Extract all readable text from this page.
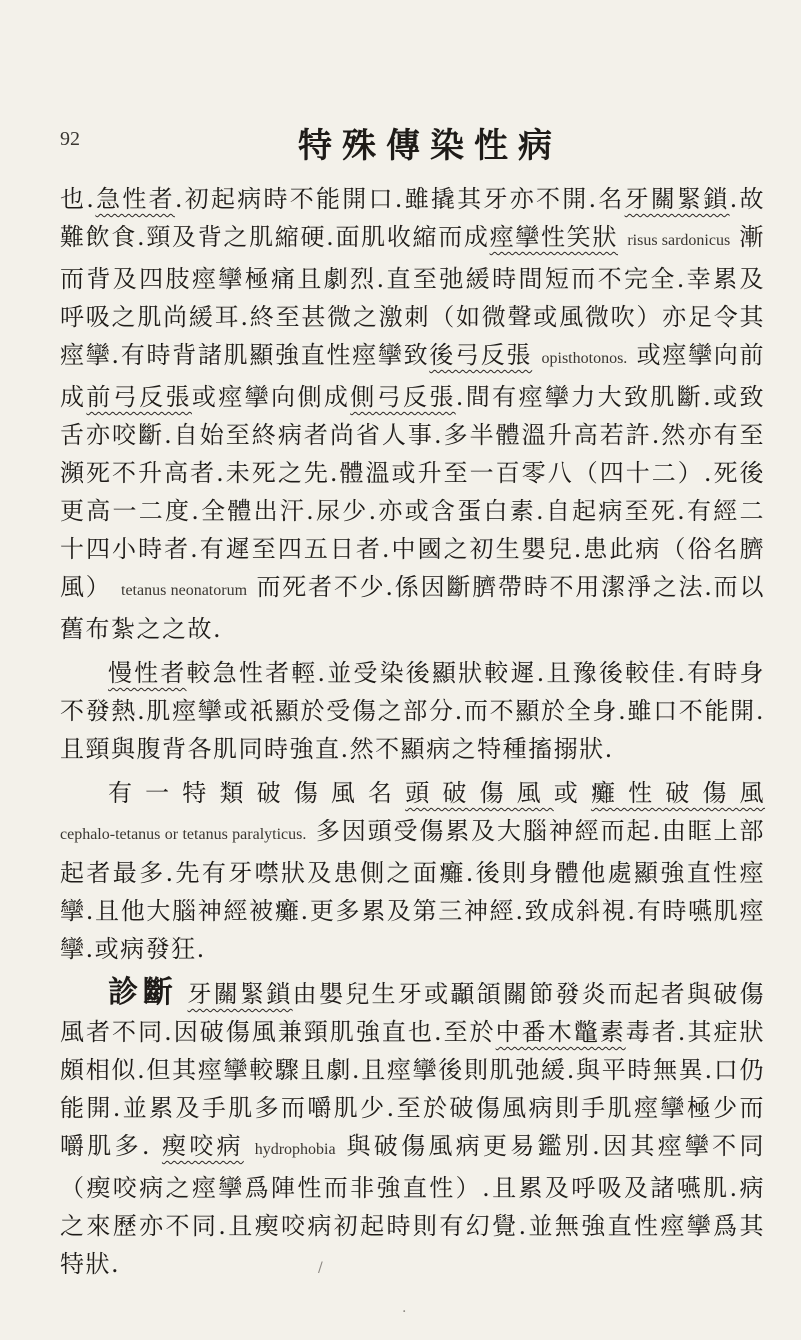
92	特殊傳染性病

也.急性者.初起病時不能開口.雖撬其牙亦不開.名牙關緊鎖.故難飲食.頸及背之肌縮硬.面肌收縮而成痙攣性笑狀 risus sardonicus 漸而背及四肢痙攣極痛且劇烈.直至弛緩時間短而不完全.幸累及呼吸之肌尚緩耳.終至甚微之激刺（如微聲或風微吹）亦足令其痙攣.有時背諸肌顯強直性痙攣致後弓反張 opisthotonos. 或痙攣向前成前弓反張或痙攣向側成側弓反張.間有痙攣力大致肌斷.或致舌亦咬斷.自始至終病者尚省人事.多半體溫升高若許.然亦有至瀕死不升高者.未死之先.體溫或升至一百零八（四十二）.死後更高一二度.全體出汗.尿少.亦或含蛋白素.自起病至死.有經二十四小時者.有遲至四五日者.中國之初生嬰兒.患此病（俗名臍風） tetanus neonatorum 而死者不少.係因斷臍帶時不用潔淨之法.而以舊布紮之之故.

慢性者較急性者輕.並受染後顯狀較遲.且豫後較佳.有時身不發熱.肌痙攣或祇顯於受傷之部分.而不顯於全身.雖口不能開.且頸與腹背各肌同時強直.然不顯病之特種搐搦狀.

有一特類破傷風名頭破傷風或癱性破傷風 cephalo-tetanus or tetanus paralyticus. 多因頭受傷累及大腦神經而起.由眶上部起者最多.先有牙噤狀及患側之面癱.後則身體他處顯強直性痙攣.且他大腦神經被癱.更多累及第三神經.致成斜視.有時嚥肌痙攣.或病發狂.

診斷 牙關緊鎖由嬰兒生牙或顳頜關節發炎而起者與破傷風者不同.因破傷風兼頸肌強直也.至於中番木鼈素毒者.其症狀頗相似.但其痙攣較驟且劇.且痙攣後則肌弛緩.與平時無異.口仍能開.並累及手肌多而嚼肌少.至於破傷風病則手肌痙攣極少而嚼肌多. 瘈咬病 hydrophobia 與破傷風病更易鑑別.因其痙攣不同（瘈咬病之痙攣爲陣性而非強直性）.且累及呼吸及諸嚥肌.病之來歷亦不同.且瘈咬病初起時則有幻覺.並無強直性痙攣爲其特狀.	/
·
